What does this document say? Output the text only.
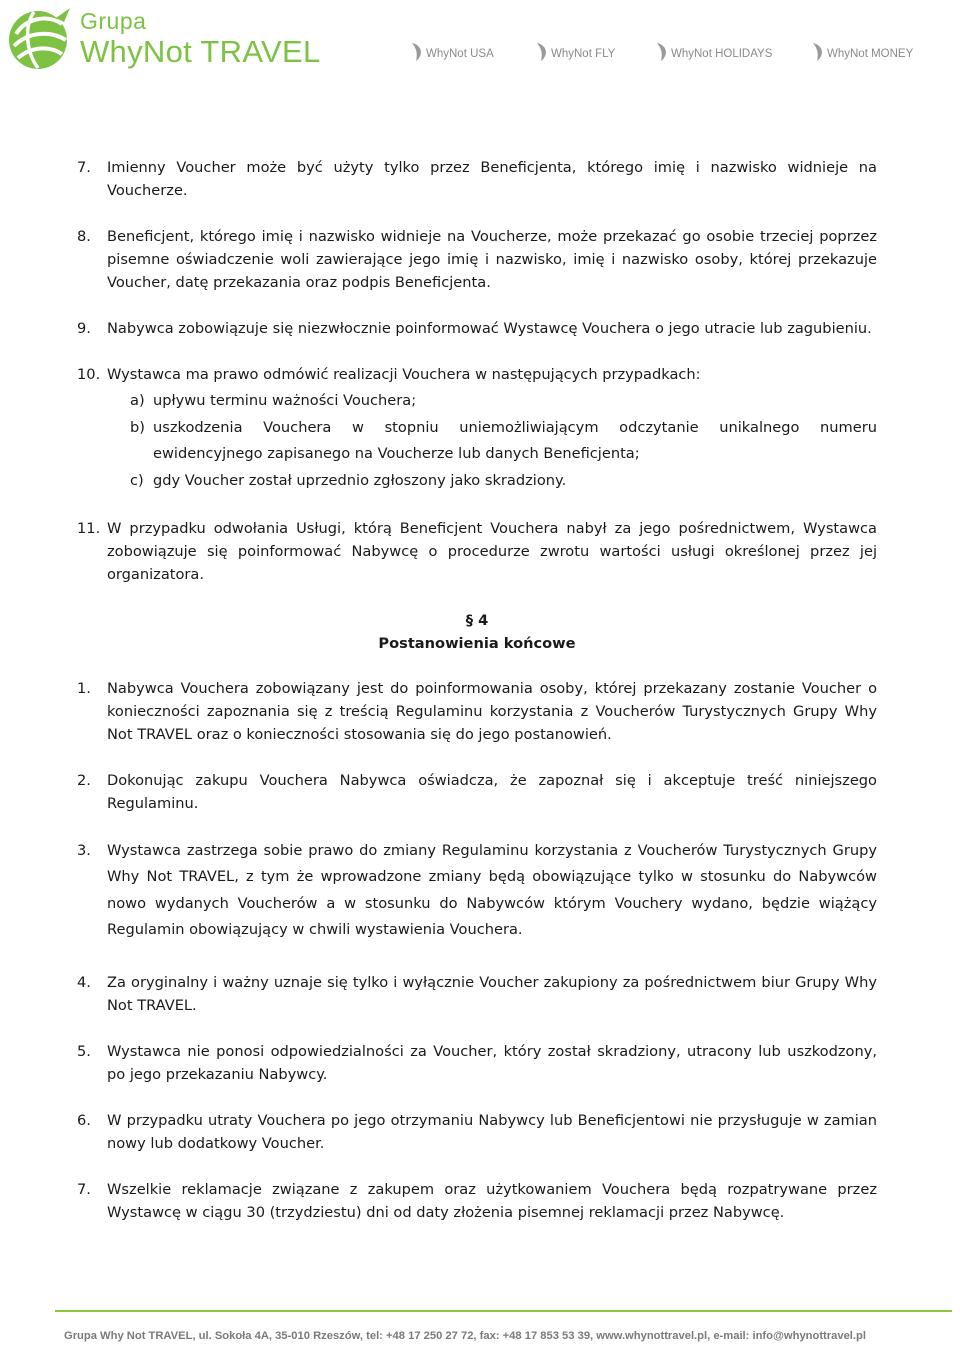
Grupa
WhyNot TRAVEL	WhyNot USA	WhyNot FLY	WhyNot HOLIDAYS	WhyNot MONEY
7. Imienny Voucher może być użyty tylko przez Beneficjenta, którego imię i nazwisko widnieje na Voucherze.
8. Beneficjent, którego imię i nazwisko widnieje na Voucherze, może przekazać go osobie trzeciej poprzez pisemne oświadczenie woli zawierające jego imię i nazwisko, imię i nazwisko osoby, której przekazuje Voucher, datę przekazania oraz podpis Beneficjenta.
9. Nabywca zobowiązuje się niezwłocznie poinformować Wystawcę Vouchera o jego utracie lub zagubieniu.
10. Wystawca ma prawo odmówić realizacji Vouchera w następujących przypadkach:
a) upływu terminu ważności Vouchera;
b) uszkodzenia Vouchera w stopniu uniemożliwiającym odczytanie unikalnego numeru ewidencyjnego zapisanego na Voucherze lub danych Beneficjenta;
c) gdy Voucher został uprzednio zgłoszony jako skradziony.
11. W przypadku odwołania Usługi, którą Beneficjent Vouchera nabył za jego pośrednictwem, Wystawca zobowiązuje się poinformować Nabywcę o procedurze zwrotu wartości usługi określonej przez jej organizatora.
§ 4
Postanowienia końcowe
1. Nabywca Vouchera zobowiązany jest do poinformowania osoby, której przekazany zostanie Voucher o konieczności zapoznania się z treścią Regulaminu korzystania z Voucherów Turystycznych Grupy Why Not TRAVEL oraz o konieczności stosowania się do jego postanowień.
2. Dokonując zakupu Vouchera Nabywca oświadcza, że zapoznał się i akceptuje treść niniejszego Regulaminu.
3. Wystawca zastrzega sobie prawo do zmiany Regulaminu korzystania z Voucherów Turystycznych Grupy Why Not TRAVEL, z tym że wprowadzone zmiany będą obowiązujące tylko w stosunku do Nabywców nowo wydanych Voucherów a w stosunku do Nabywców którym Vouchery wydano, będzie wiążący Regulamin obowiązujący w chwili wystawienia Vouchera.
4. Za oryginalny i ważny uznaje się tylko i wyłącznie Voucher zakupiony za pośrednictwem biur Grupy Why Not TRAVEL.
5. Wystawca nie ponosi odpowiedzialności za Voucher, który został skradziony, utracony lub uszkodzony, po jego przekazaniu Nabywcy.
6. W przypadku utraty Vouchera po jego otrzymaniu Nabywcy lub Beneficjentowi nie przysługuje w zamian nowy lub dodatkowy Voucher.
7. Wszelkie reklamacje związane z zakupem oraz użytkowaniem Vouchera będą rozpatrywane przez Wystawcę w ciągu 30 (trzydziestu) dni od daty złożenia pisemnej reklamacji przez Nabywcę.
Grupa Why Not TRAVEL, ul. Sokoła 4A, 35-010 Rzeszów, tel: +48 17 250 27 72, fax: +48 17 853 53 39, www.whynottravel.pl, e-mail: info@whynottravel.pl
